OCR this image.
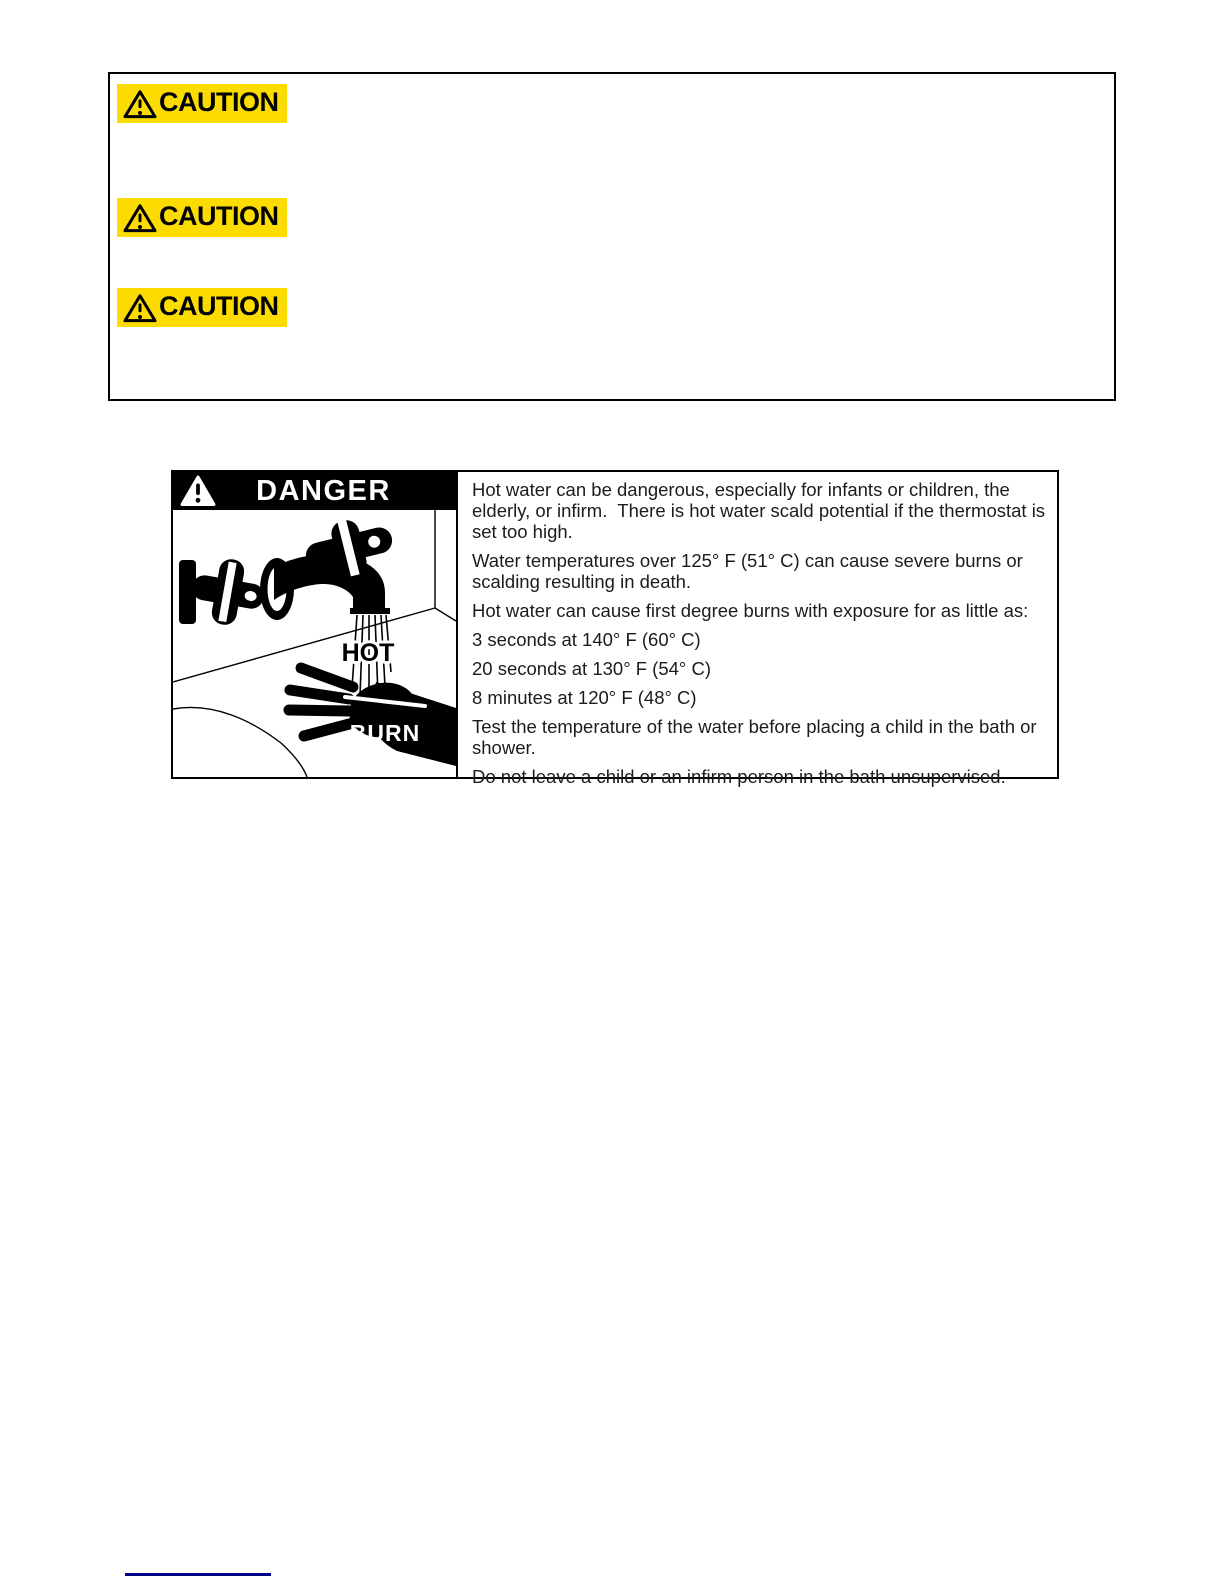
CAUTION
CAUTION
CAUTION
DANGER
HOT
BURN

Hot water can be dangerous, especially for infants or children, the elderly, or infirm.  There is hot water scald potential if the thermostat is set too high.

Water temperatures over 125° F (51° C) can cause severe burns or scalding resulting in death.

Hot water can cause first degree burns with exposure for as little as:

3 seconds at 140° F (60° C)

20 seconds at 130° F (54° C)

8 minutes at 120° F (48° C)

Test the temperature of the water before placing a child in the bath or shower.

Do not leave a child or an infirm person in the bath unsupervised.
